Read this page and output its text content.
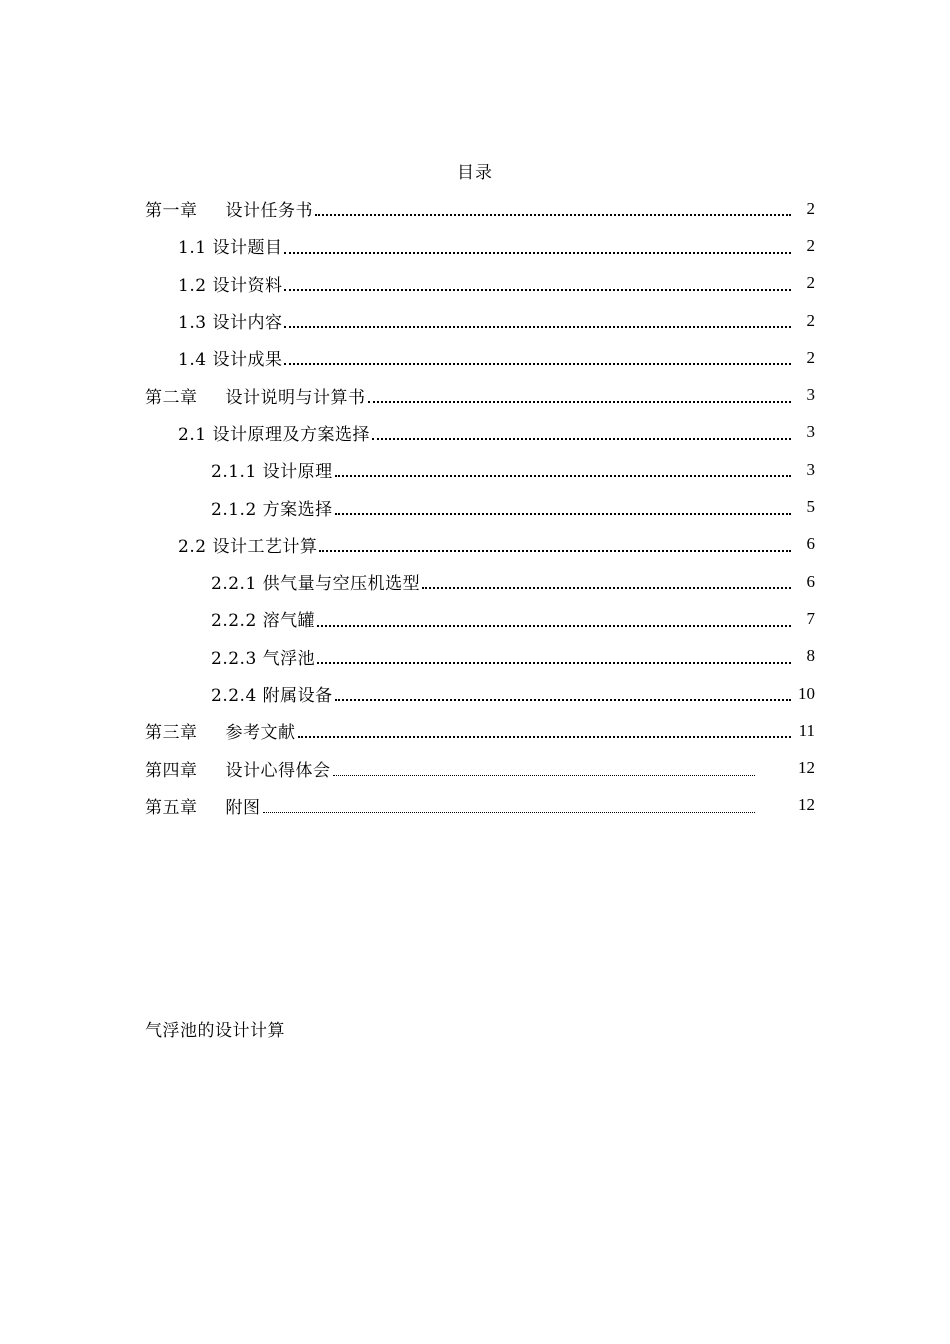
目录
第一章 设计任务书	2
1.1 设计题目	2
1.2 设计资料	2
1.3 设计内容	2
1.4 设计成果	2
第二章 设计说明与计算书	3
2.1 设计原理及方案选择	3
2.1.1 设计原理	3
2.1.2 方案选择	5
2.2 设计工艺计算	6
2.2.1 供气量与空压机选型	6
2.2.2 溶气罐	7
2.2.3 气浮池	8
2.2.4 附属设备	10
第三章 参考文献	11
第四章 设计心得体会	12
第五章 附图	12
气浮池的设计计算
